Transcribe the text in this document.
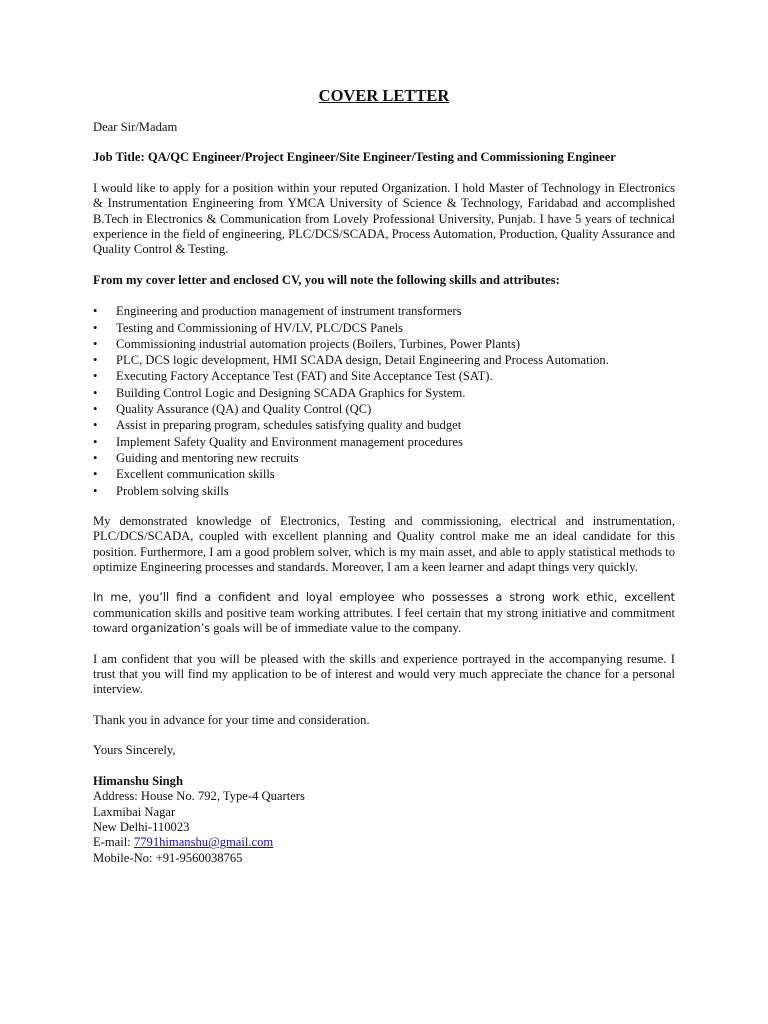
COVER LETTER

Dear Sir/Madam

Job Title: QA/QC Engineer/Project Engineer/Site Engineer/Testing and Commissioning Engineer

I would like to apply for a position within your reputed Organization. I hold Master of Technology in Electronics & Instrumentation Engineering from YMCA University of Science & Technology, Faridabad and accomplished B.Tech in Electronics & Communication from Lovely Professional University, Punjab. I have 5 years of technical experience in the field of engineering, PLC/DCS/SCADA, Process Automation, Production, Quality Assurance and Quality Control & Testing.

From my cover letter and enclosed CV, you will note the following skills and attributes:

• Engineering and production management of instrument transformers
• Testing and Commissioning of HV/LV, PLC/DCS Panels
• Commissioning industrial automation projects (Boilers, Turbines, Power Plants)
• PLC, DCS logic development, HMI SCADA design, Detail Engineering and Process Automation.
• Executing Factory Acceptance Test (FAT) and Site Acceptance Test (SAT).
• Building Control Logic and Designing SCADA Graphics for System.
• Quality Assurance (QA) and Quality Control (QC)
• Assist in preparing program, schedules satisfying quality and budget
• Implement Safety Quality and Environment management procedures
• Guiding and mentoring new recruits
• Excellent communication skills
• Problem solving skills

My demonstrated knowledge of Electronics, Testing and commissioning, electrical and instrumentation, PLC/DCS/SCADA, coupled with excellent planning and Quality control make me an ideal candidate for this position. Furthermore, I am a good problem solver, which is my main asset, and able to apply statistical methods to optimize Engineering processes and standards. Moreover, I am a keen learner and adapt things very quickly.

In me, you’ll find a confident and loyal employee who possesses a strong work ethic, excellent communication skills and positive team working attributes. I feel certain that my strong initiative and commitment toward organization’s goals will be of immediate value to the company.

I am confident that you will be pleased with the skills and experience portrayed in the accompanying resume. I trust that you will find my application to be of interest and would very much appreciate the chance for a personal interview.

Thank you in advance for your time and consideration.

Yours Sincerely,

Himanshu Singh

Address: House No. 792, Type-4 Quarters

Laxmibai Nagar

New Delhi-110023

E-mail: 7791himanshu@gmail.com

Mobile-No: +91-9560038765
